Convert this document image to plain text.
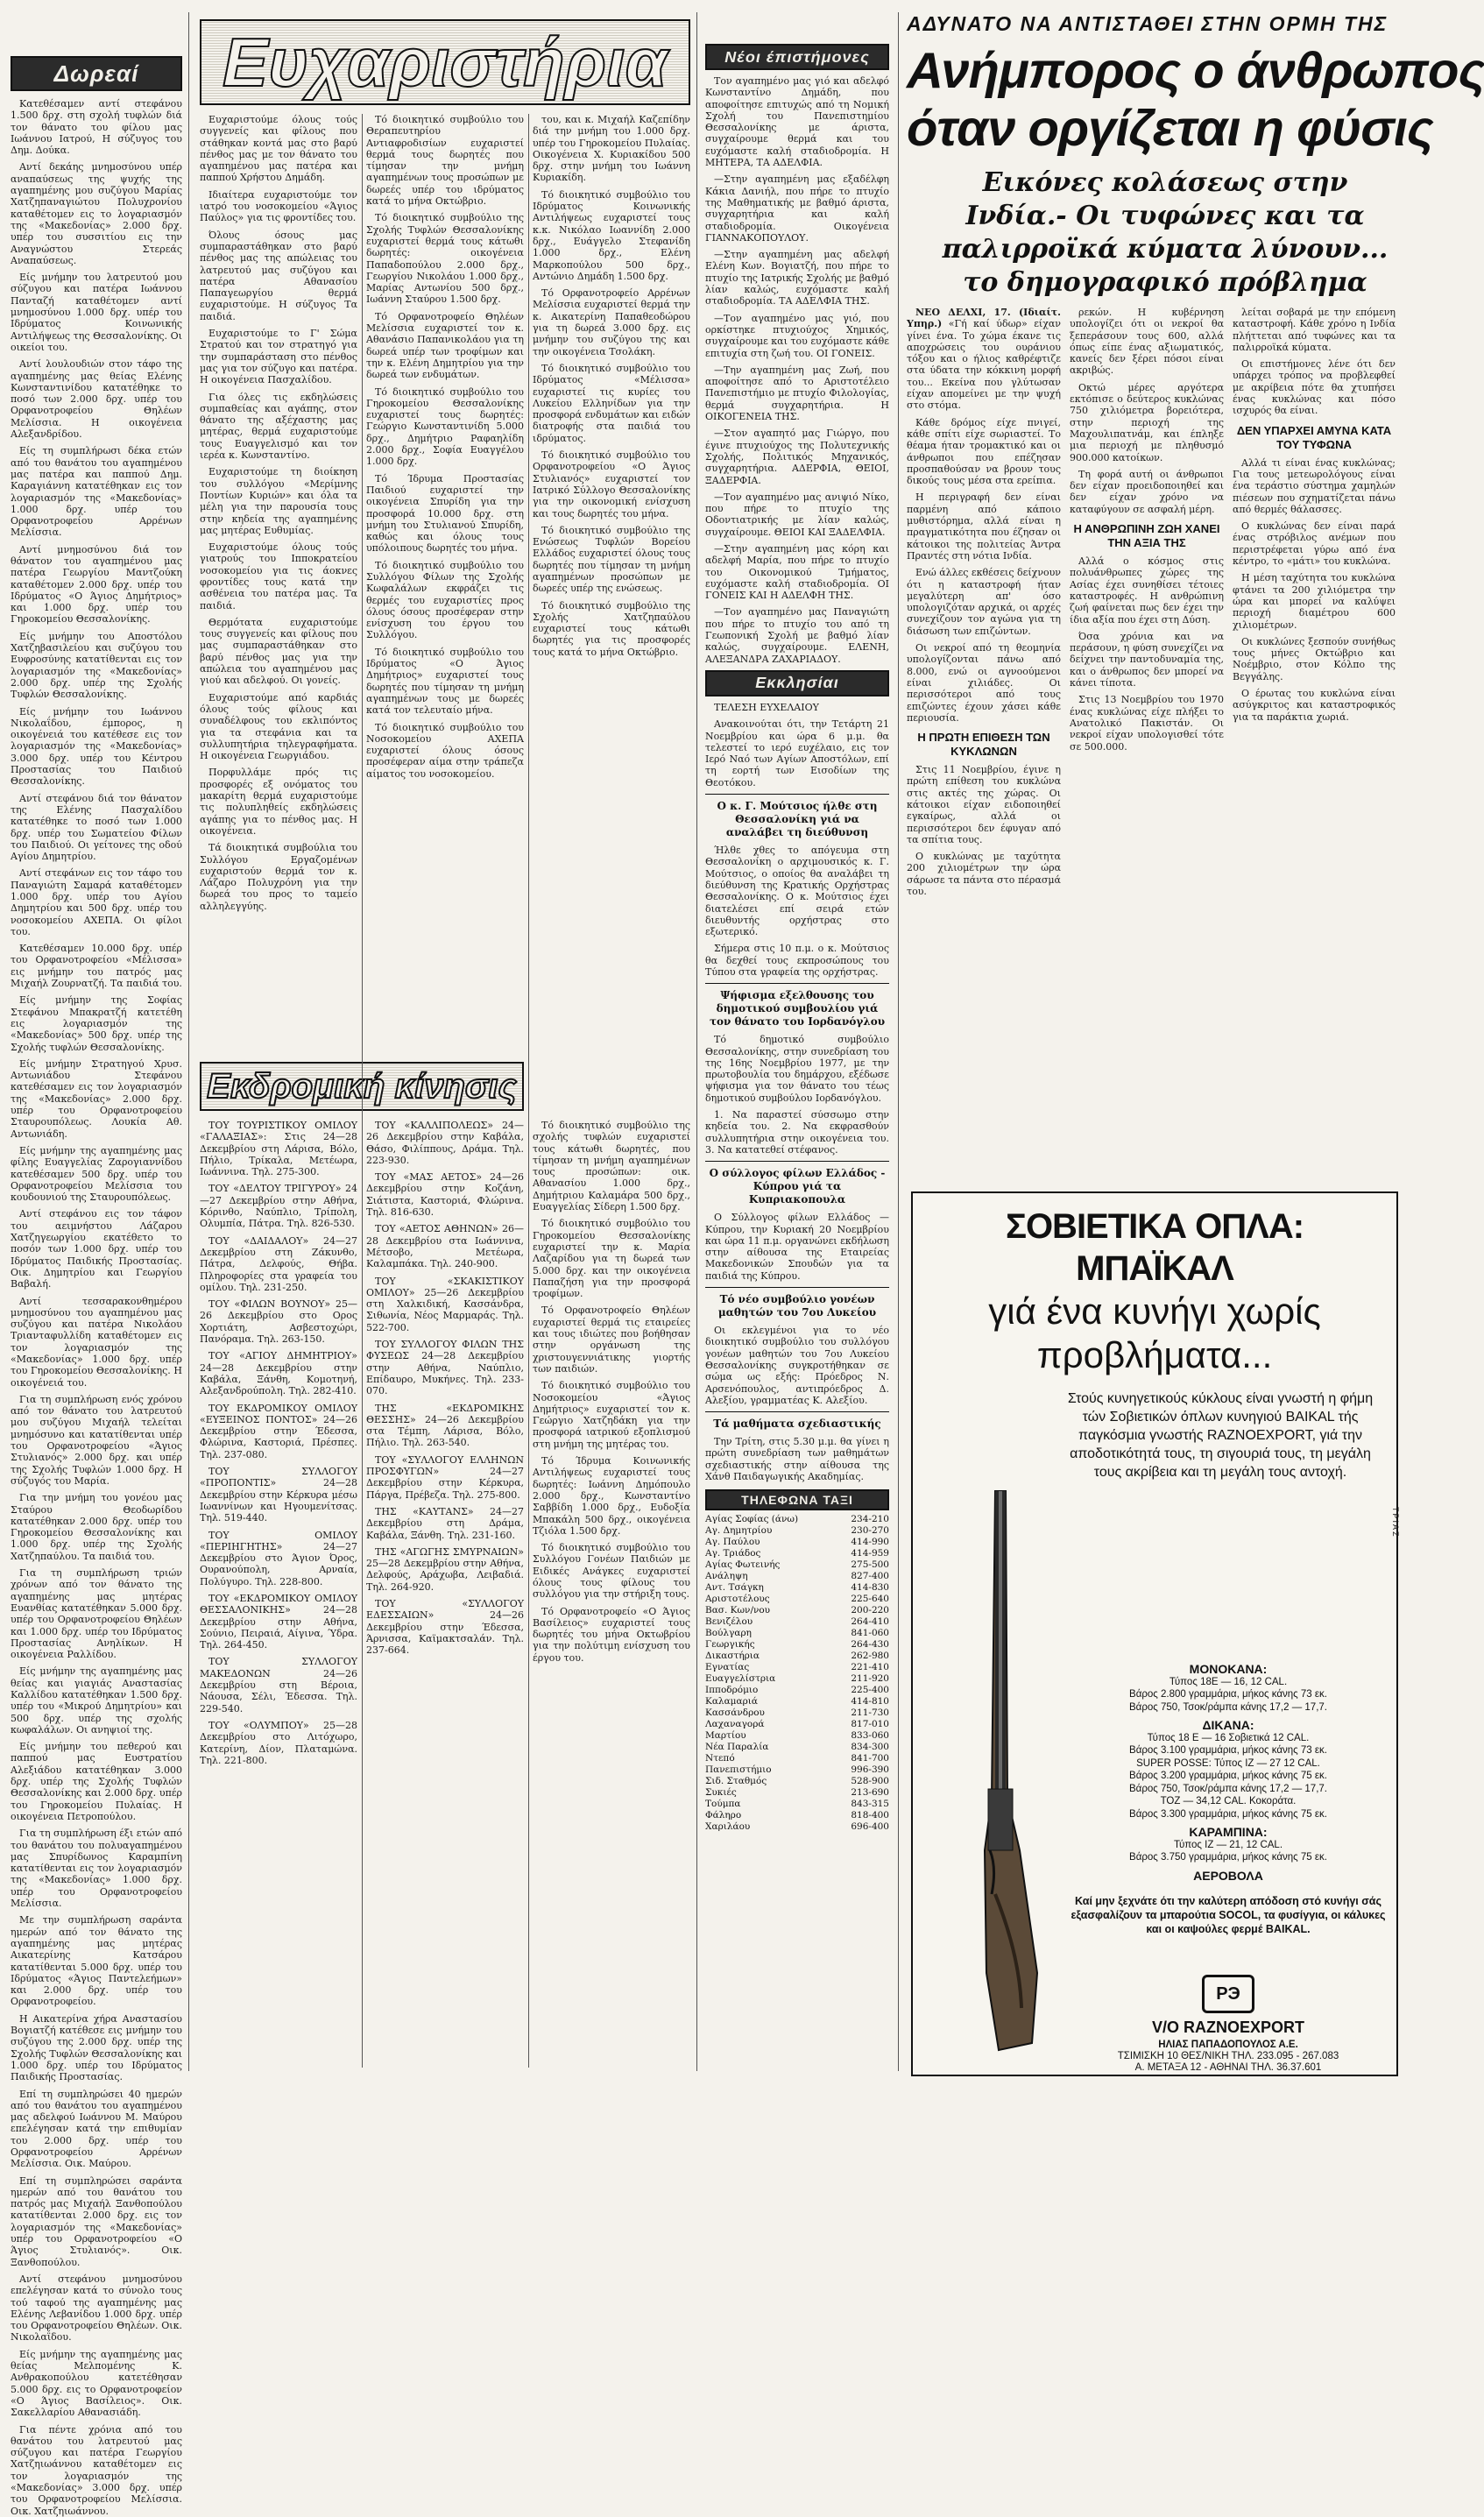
Δωρεαί

Κατεθέσαμεν αντί στεφάνου 1.500 δρχ. στη σχολή τυφλών διά τον θάνατο του φίλου μας Ιωάννου Ιατρού, Η σύζυγος του Δημ. Δούκα.

Αντί δεκάης μνημοσύνου υπέρ αναπαύσεως της ψυχής της αγαπημένης μου συζύγου Μαρίας Χατζηπαναγιώτου Πολυχρονίου καταθέτομεν εις το λογαριασμόν της «Μακεδονίας» 2.000 δρχ. υπέρ του συσσιτίου εις την Αναγνώστου Στερεάς Αναπαύσεως.

Είς μνήμην του λατρευτού μου σύζυγου και πατέρα Ιωάννου Πανταζή καταθέτομεν αντί μνημοσύνου 1.000 δρχ. υπέρ του Ιδρύματος Κοινωνικής Αντιλήψεως της Θεσσαλονίκης. Οι οικείοι του.

Αντί λουλουδιών στον τάφο της αγαπημένης μας θείας Ελένης Κωνσταντινίδου κατατέθηκε το ποσό των 2.000 δρχ. υπέρ του Ορφανοτροφείου Θηλέων Μελίσσια. Η οικογένεια Αλεξανδρίδου.

Είς τη συμπλήρωσι δέκα ετών από του θανάτου του αγαπημένου μας πατέρα και παππού Δημ. Καραγιάννη κατατέθηκαν εις τον λογαριασμόν της «Μακεδονίας» 1.000 δρχ. υπέρ του Ορφανοτροφείου Αρρένων Μελίσσια.

Αντί μνημοσύνου διά τον θάνατον του αγαπημένου μας πατέρα Γεωργίου Μαντζούκη καταθέτομεν 2.000 δρχ. υπέρ του Ιδρύματος «Ο Άγιος Δημήτριος» και 1.000 δρχ. υπέρ του Γηροκομείου Θεσσαλονίκης.

Είς μνήμην του Αποστόλου Χατζηβασιλείου και συζύγου του Ευφροσύνης κατατίθενται εις τον λογαριασμόν της «Μακεδονίας» 2.000 δρχ. υπέρ της Σχολής Τυφλών Θεσσαλονίκης.

Είς μνήμην του Ιωάννου Νικολαΐδου, έμπορος, η οικογένειά του κατέθεσε εις τον λογαριασμόν της «Μακεδονίας» 3.000 δρχ. υπέρ του Κέντρου Προστασίας του Παιδιού Θεσσαλονίκης.

Αντί στεφάνου διά τον θάνατον της Ελένης Πασχαλίδου κατατέθηκε το ποσό των 1.000 δρχ. υπέρ του Σωματείου Φίλων του Παιδιού. Οι γείτονες της οδού Αγίου Δημητρίου.

Αντί στεφάνων εις τον τάφο του Παναγιώτη Σαμαρά καταθέτομεν 1.000 δρχ. υπέρ του Αγίου Δημητρίου και 500 δρχ. υπέρ του νοσοκομείου ΑΧΕΠΑ. Οι φίλοι του.

Κατεθέσαμεν 10.000 δρχ. υπέρ του Ορφανοτροφείου «Μέλισσα» εις μνήμην του πατρός μας Μιχαήλ Ζουρνατζή. Τα παιδιά του.

Είς μνήμην της Σοφίας Στεφάνου Μπακρατζή κατετέθη εις λογαριασμόν της «Μακεδονίας» 500 δρχ. υπέρ της Σχολής τυφλών Θεσσαλονίκης.

Είς μνήμην Στρατηγού Χρυσ. Αντωνιάδου Στεφάνου κατεθέσαμεν εις τον λογαριασμόν της «Μακεδονίας» 2.000 δρχ. υπέρ του Ορφανοτροφείου Σταυρουπόλεως. Λουκία Αθ. Αντωνιάδη.

Είς μνήμην της αγαπημένης μας φίλης Ευαγγελίας Ζαρογιαννίδου κατεθέσαμεν 500 δρχ. υπέρ του Ορφανοτροφείου Μελίσσια του κουδουνιού της Σταυρουπόλεως.

Αντί στεφάνου εις τον τάφον του αειμνήστου Λάζαρου Χατζηγεωργίου εκατέθετο το ποσόν των 1.000 δρχ. υπέρ του Ιδρύματος Παιδικής Προστασίας. Οικ. Δημητρίου και Γεωργίου Βαβαλή.

Αντί τεσσαρακονθημέρου μνημοσύνου του αγαπημένου μας συζύγου και πατέρα Νικολάου Τριανταφυλλίδη καταθέτομεν εις τον λογαριασμόν της «Μακεδονίας» 1.000 δρχ. υπέρ του Γηροκομείου Θεσσαλονίκης. Η οικογένειά του.

Για τη συμπλήρωση ενός χρόνου από τον θάνατο του λατρευτού μου συζύγου Μιχαήλ τελείται μνημόσυνο και κατατίθενται υπέρ του Ορφανοτροφείου «Άγιος Στυλιανός» 2.000 δρχ. και υπέρ της Σχολής Τυφλών 1.000 δρχ. Η σύζυγός του Μαρία.

Για την μνήμη του γονέου μας Σταύρου Θεοδωρίδου κατατέθηκαν 2.000 δρχ. υπέρ του Γηροκομείου Θεσσαλονίκης και 1.000 δρχ. υπέρ της Σχολής Χατζηπαύλου. Τα παιδιά του.

Για τη συμπλήρωση τριών χρόνων από τον θάνατο της αγαπημένης μας μητέρας Ευανθίας κατατέθηκαν 5.000 δρχ. υπέρ του Ορφανοτροφείου Θηλέων και 1.000 δρχ. υπέρ του Ιδρύματος Προστασίας Ανηλίκων. Η οικογένεια Ραλλίδου.

Είς μνήμην της αγαπημένης μας θείας και γιαγιάς Αναστασίας Καλλίδου κατατέθηκαν 1.500 δρχ. υπέρ του «Μικρού Δημητρίου» και 500 δρχ. υπέρ της σχολής κωφαλάλων. Οι ανηψιοί της.

Είς μνήμην του πεθερού και παππού μας Ευστρατίου Αλεξιάδου κατατέθηκαν 3.000 δρχ. υπέρ της Σχολής Τυφλών Θεσσαλονίκης και 2.000 δρχ. υπέρ του Γηροκομείου Πυλαίας. Η οικογένεια Πετροπούλου.

Για τη συμπλήρωση έξι ετών από του θανάτου του πολυαγαπημένου μας Σπυρίδωνος Καραμπίνη κατατίθενται εις τον λογαριασμόν της «Μακεδονίας» 1.000 δρχ. υπέρ του Ορφανοτροφείου Μελίσσια.

Με την συμπλήρωση σαράντα ημερών από τον θάνατο της αγαπημένης μας μητέρας Αικατερίνης Κατσάρου κατατίθενται 5.000 δρχ. υπέρ του Ιδρύματος «Άγιος Παντελεήμων» και 2.000 δρχ. υπέρ του Ορφανοτροφείου.

Η Αικατερίνα χήρα Αναστασίου Βογιατζή κατέθεσε εις μνήμην του συζύγου της 2.000 δρχ. υπέρ της Σχολής Τυφλών Θεσσαλονίκης και 1.000 δρχ. υπέρ του Ιδρύματος Παιδικής Προστασίας.

Επί τη συμπληρώσει 40 ημερών από του θανάτου του αγαπημένου μας αδελφού Ιωάννου Μ. Μαύρου επελέγησαν κατά την επιθυμίαν του 2.000 δρχ. υπέρ του Ορφανοτροφείου Αρρένων Μελίσσια. Οικ. Μαύρου.

Επί τη συμπληρώσει σαράντα ημερών από του θανάτου του πατρός μας Μιχαήλ Ξανθοπούλου κατατίθενται 2.000 δρχ. εις τον λογαριασμόν της «Μακεδονίας» υπέρ του Ορφανοτροφείου «Ο Άγιος Στυλιανός». Οικ. Ξανθοπούλου.

Αντί στεφάνου μνημοσύνου επελέγησαν κατά το σύνολο τους τού ταφού της αγαπημένης μας Ελένης Λεβανίδου 1.000 δρχ. υπέρ του Ορφανοτροφείου Θηλέων. Οικ. Νικολαΐδου.

Είς μνήμην της αγαπημένης μας θείας Μελπομένης Κ. Ανθρακοπούλου κατετέθησαν 5.000 δρχ. εις το Ορφανοτροφείον «Ο Άγιος Βασίλειος». Οικ. Σακελλαρίου Αθανασιάδη.

Για πέντε χρόνια από του θανάτου του λατρευτού μας σύζυγου και πατέρα Γεωργίου Χατζηιωάννου καταθέτομεν εις τον λογαριασμόν της «Μακεδονίας» 3.000 δρχ. υπέρ του Ορφανοτροφείου Μελίσσια. Οικ. Χατζηιωάννου.

Ευχαριστήρια

Ευχαριστούμε όλους τούς συγγενείς και φίλους που στάθηκαν κοντά μας στο βαρύ πένθος μας με τον θάνατο του αγαπημένου μας πατέρα και παππού Χρήστου Δημάδη.

Ιδιαίτερα ευχαριστούμε τον ιατρό του νοσοκομείου «Άγιος Παύλος» για τις φροντίδες του.

Όλους όσους μας συμπαραστάθηκαν στο βαρύ πένθος μας της απώλειας του λατρευτού μας συζύγου και πατέρα Αθανασίου Παπαγεωργίου θερμά ευχαριστούμε. Η σύζυγος Τα παιδιά.

Ευχαριστούμε το Γ' Σώμα Στρατού και τον στρατηγό για την συμπαράσταση στο πένθος μας για τον σύζυγο και πατέρα. Η οικογένεια Πασχαλίδου.

Για όλες τις εκδηλώσεις συμπαθείας και αγάπης, στον θάνατο της αξέχαστης μας μητέρας, θερμά ευχαριστούμε τους Ευαγγελισμό και τον ιερέα κ. Κωνσταντίνο.

Ευχαριστούμε τη διοίκηση του συλλόγου «Μερίμνης Ποντίων Κυριών» και όλα τα μέλη για την παρουσία τους στην κηδεία της αγαπημένης μας μητέρας Ευθυμίας.

Ευχαριστούμε όλους τούς γιατρούς του Ιπποκρατείου νοσοκομείου για τις άοκνες φροντίδες τους κατά την ασθένεια του πατέρα μας. Τα παιδιά.

Θερμότατα ευχαριστούμε τους συγγενείς και φίλους που μας συμπαραστάθηκαν στο βαρύ πένθος μας για την απώλεια του αγαπημένου μας γιού και αδελφού. Οι γονείς.

Ευχαριστούμε από καρδιάς όλους τούς φίλους και συναδέλφους του εκλιπόντος για τα στεφάνια και τα συλλυπητήρια τηλεγραφήματα. Η οικογένεια Γεωργιάδου.

Πορφυλλάμε πρός τις προσφορές εξ ονόματος του μακαρίτη θερμά ευχαριστούμε τις πολυπληθείς εκδηλώσεις αγάπης για το πένθος μας. Η οικογένεια.

Τά διοικητικά συμβούλια του Συλλόγου Εργαζομένων ευχαριστούν θερμά τον κ. Λάζαρο Πολυχρόνη για την δωρεά του προς το ταμείο αλληλεγγύης.

Τό διοικητικό συμβούλιο του Θεραπευτηρίου Αντιαφροδισίων ευχαριστεί θερμά τους δωρητές που τίμησαν την μνήμη αγαπημένων τους προσώπων με δωρεές υπέρ του ιδρύματος κατά το μήνα Οκτώβριο.

Τό διοικητικό συμβούλιο της Σχολής Τυφλών Θεσσαλονίκης ευχαριστεί θερμά τους κάτωθι δωρητές: οικογένεια Παπαδοπούλου 2.000 δρχ., Γεωργίου Νικολάου 1.000 δρχ., Μαρίας Αντωνίου 500 δρχ., Ιωάννη Σταύρου 1.500 δρχ.

Τό Ορφανοτροφείο Θηλέων Μελίσσια ευχαριστεί τον κ. Αθανάσιο Παπανικολάου για τη δωρεά υπέρ των τροφίμων και την κ. Ελένη Δημητρίου για την δωρεά των ενδυμάτων.

Τό διοικητικό συμβούλιο του Γηροκομείου Θεσσαλονίκης ευχαριστεί τους δωρητές: Γεώργιο Κωνσταντινίδη 5.000 δρχ., Δημήτριο Ραφαηλίδη 2.000 δρχ., Σοφία Ευαγγέλου 1.000 δρχ.

Τό Ίδρυμα Προστασίας Παιδιού ευχαριστεί την οικογένεια Σπυρίδη για την προσφορά 10.000 δρχ. στη μνήμη του Στυλιανού Σπυρίδη, καθώς και όλους τους υπόλοιπους δωρητές του μήνα.

Τό διοικητικό συμβούλιο του Συλλόγου Φίλων της Σχολής Κωφαλάλων εκφράζει τις θερμές του ευχαριστίες προς όλους όσους προσέφεραν στην ενίσχυση του έργου του Συλλόγου.

Τό διοικητικό συμβούλιο του Ιδρύματος «Ο Άγιος Δημήτριος» ευχαριστεί τους δωρητές που τίμησαν τη μνήμη αγαπημένων τους με δωρεές κατά τον τελευταίο μήνα.

Τό διοικητικό συμβούλιο του Νοσοκομείου ΑΧΕΠΑ ευχαριστεί όλους όσους προσέφεραν αίμα στην τράπεζα αίματος του νοσοκομείου.

του, και κ. Μιχαήλ Καζεπίδην διά την μνήμη του 1.000 δρχ. υπέρ του Γηροκομείου Πυλαίας. Οικογένεια Χ. Κυριακίδου 500 δρχ. στην μνήμη του Ιωάννη Κυριακίδη.

Τό διοικητικό συμβούλιο του Ιδρύματος Κοινωνικής Αντιλήψεως ευχαριστεί τους κ.κ. Νικόλαο Ιωαννίδη 2.000 δρχ., Ευάγγελο Στεφανίδη 1.000 δρχ., Ελένη Μαρκοπούλου 500 δρχ., Αντώνιο Δημάδη 1.500 δρχ.

Τό Ορφανοτροφείο Αρρένων Μελίσσια ευχαριστεί θερμά την κ. Αικατερίνη Παπαθεοδώρου για τη δωρεά 3.000 δρχ. εις μνήμην του συζύγου της και την οικογένεια Τσολάκη.

Τό διοικητικό συμβούλιο του Ιδρύματος «Μέλισσα» ευχαριστεί τις κυρίες του Λυκείου Ελληνίδων για την προσφορά ενδυμάτων και ειδών διατροφής στα παιδιά του ιδρύματος.

Τό διοικητικό συμβούλιο του Ορφανοτροφείου «Ο Άγιος Στυλιανός» ευχαριστεί τον Ιατρικό Σύλλογο Θεσσαλονίκης για την οικονομική ενίσχυση και τους δωρητές του μήνα.

Τό διοικητικό συμβούλιο της Ενώσεως Τυφλών Βορείου Ελλάδος ευχαριστεί όλους τους δωρητές που τίμησαν τη μνήμη αγαπημένων προσώπων με δωρεές υπέρ της ενώσεως.

Τό διοικητικό συμβούλιο της Σχολής Χατζηπαύλου ευχαριστεί τους κάτωθι δωρητές για τις προσφορές τους κατά το μήνα Οκτώβριο.

Εκδρομική κίνησις

ΤΟΥ ΤΟΥΡΙΣΤΙΚΟΥ ΟΜΙΛΟΥ «ΓΑΛΑΞΙΑΣ»: Στις 24—28 Δεκεμβρίου στη Λάρισα, Βόλο, Πήλιο, Τρίκαλα, Μετέωρα, Ιωάννινα. Τηλ. 275-300.

ΤΟΥ «ΔΕΛΤΟΥ ΤΡΙΓΥΡΟΥ» 24—27 Δεκεμβρίου στην Αθήνα, Κόρινθο, Ναύπλιο, Τρίπολη, Ολυμπία, Πάτρα. Τηλ. 826-530.

ΤΟΥ «ΔΑΙΔΑΛΟΥ» 24—27 Δεκεμβρίου στη Ζάκυνθο, Πάτρα, Δελφούς, Θήβα. Πληροφορίες στα γραφεία του ομίλου. Τηλ. 231-250.

ΤΟΥ «ΦΙΛΩΝ ΒΟΥΝΟΥ» 25—26 Δεκεμβρίου στο Ορος Χορτιάτη, Ασβεστοχώρι, Πανόραμα. Τηλ. 263-150.

ΤΟΥ «ΑΓΙΟΥ ΔΗΜΗΤΡΙΟΥ» 24—28 Δεκεμβρίου στην Καβάλα, Ξάνθη, Κομοτηνή, Αλεξανδρούπολη. Τηλ. 282-410.

ΤΟΥ ΕΚΔΡΟΜΙΚΟΥ ΟΜΙΛΟΥ «ΕΥΞΕΙΝΟΣ ΠΟΝΤΟΣ» 24—26 Δεκεμβρίου στην Έδεσσα, Φλώρινα, Καστοριά, Πρέσπες. Τηλ. 237-080.

ΤΟΥ ΣΥΛΛΟΓΟΥ «ΠΡΟΠΟΝΤΙΣ» 24—28 Δεκεμβρίου στην Κέρκυρα μέσω Ιωαννίνων και Ηγουμενίτσας. Τηλ. 519-440.

ΤΟΥ ΟΜΙΛΟΥ «ΠΕΡΙΗΓΗΤΗΣ» 24—27 Δεκεμβρίου στο Άγιον Όρος, Ουρανούπολη, Αρναία, Πολύγυρο. Τηλ. 228-800.

ΤΟΥ «ΕΚΔΡΟΜΙΚΟΥ ΟΜΙΛΟΥ ΘΕΣΣΑΛΟΝΙΚΗΣ» 24—28 Δεκεμβρίου στην Αθήνα, Σούνιο, Πειραιά, Αίγινα, Ύδρα. Τηλ. 264-450.

ΤΟΥ ΣΥΛΛΟΓΟΥ ΜΑΚΕΔΟΝΩΝ 24—26 Δεκεμβρίου στη Βέροια, Νάουσα, Σέλι, Έδεσσα. Τηλ. 229-540.

ΤΟΥ «ΟΛΥΜΠΟΥ» 25—28 Δεκεμβρίου στο Λιτόχωρο, Κατερίνη, Δίον, Πλαταμώνα. Τηλ. 221-800.

ΤΟΥ «ΚΑΛΛΙΠΟΛΕΩΣ» 24—26 Δεκεμβρίου στην Καβάλα, Θάσο, Φιλίππους, Δράμα. Τηλ. 223-930.

ΤΟΥ «ΜΑΣ ΑΕΤΟΣ» 24—26 Δεκεμβρίου στην Κοζάνη, Σιάτιστα, Καστοριά, Φλώρινα. Τηλ. 816-630.

ΤΟΥ «ΑΕΤΟΣ ΑΘΗΝΩΝ» 26—28 Δεκεμβρίου στα Ιωάννινα, Μέτσοβο, Μετέωρα, Καλαμπάκα. Τηλ. 240-900.

ΤΟΥ «ΣΚΑΚΙΣΤΙΚΟΥ ΟΜΙΛΟΥ» 25—26 Δεκεμβρίου στη Χαλκιδική, Κασσάνδρα, Σιθωνία, Νέος Μαρμαράς. Τηλ. 522-700.

ΤΟΥ ΣΥΛΛΟΓΟΥ ΦΙΛΩΝ ΤΗΣ ΦΥΣΕΩΣ 24—28 Δεκεμβρίου στην Αθήνα, Ναύπλιο, Επίδαυρο, Μυκήνες. Τηλ. 233-070.

ΤΗΣ «ΕΚΔΡΟΜΙΚΗΣ ΘΕΣΣΗΣ» 24—26 Δεκεμβρίου στα Τέμπη, Λάρισα, Βόλο, Πήλιο. Τηλ. 263-540.

ΤΟΥ «ΣΥΛΛΟΓΟΥ ΕΛΛΗΝΩΝ ΠΡΟΣΦΥΓΩΝ» 24—27 Δεκεμβρίου στην Κέρκυρα, Πάργα, Πρέβεζα. Τηλ. 275-800.

ΤΗΣ «ΚΑΥΤΑΝΣ» 24—27 Δεκεμβρίου στη Δράμα, Καβάλα, Ξάνθη. Τηλ. 231-160.

ΤΗΣ «ΑΓΩΓΗΣ ΣΜΥΡΝΑΙΩΝ» 25—28 Δεκεμβρίου στην Αθήνα, Δελφούς, Αράχωβα, Λειβαδιά. Τηλ. 264-920.

ΤΟΥ «ΣΥΛΛΟΓΟΥ ΕΔΕΣΣΑΙΩΝ» 24—26 Δεκεμβρίου στην Έδεσσα, Άρνισσα, Καϊμακτσαλάν. Τηλ. 237-664.

Τό διοικητικό συμβούλιο της σχολής τυφλών ευχαριστεί τους κάτωθι δωρητές, που τίμησαν τη μνήμη αγαπημένων τους προσώπων: οικ. Αθανασίου 1.000 δρχ., Δημήτριου Καλαμάρα 500 δρχ., Ευαγγελίας Σίδερη 1.500 δρχ.

Τό διοικητικό συμβούλιο του Γηροκομείου Θεσσαλονίκης ευχαριστεί την κ. Μαρία Λαζαρίδου για τη δωρεά των 5.000 δρχ. και την οικογένεια Παπαζήση για την προσφορά τροφίμων.

Τό Ορφανοτροφείο Θηλέων ευχαριστεί θερμά τις εταιρείες και τους ιδιώτες που βοήθησαν στην οργάνωση της χριστουγεννιάτικης γιορτής των παιδιών.

Τό διοικητικό συμβούλιο του Νοσοκομείου «Άγιος Δημήτριος» ευχαριστεί τον κ. Γεώργιο Χατζηδάκη για την προσφορά ιατρικού εξοπλισμού στη μνήμη της μητέρας του.

Τό Ίδρυμα Κοινωνικής Αντιλήψεως ευχαριστεί τους δωρητές: Ιωάννη Δημόπουλο 2.000 δρχ., Κωνσταντίνο Σαββίδη 1.000 δρχ., Ευδοξία Μπακάλη 500 δρχ., οικογένεια Τζιόλα 1.500 δρχ.

Τό διοικητικό συμβούλιο του Συλλόγου Γονέων Παιδιών με Ειδικές Ανάγκες ευχαριστεί όλους τους φίλους του συλλόγου για την στήριξη τους.

Τό Ορφανοτροφείο «Ο Άγιος Βασίλειος» ευχαριστεί τους δωρητές του μήνα Οκτωβρίου για την πολύτιμη ενίσχυση του έργου του.

Νέοι έπιστήμονες

Τον αγαπημένο μας γιό και αδελφό Κωνσταντίνο Δημάδη, που αποφοίτησε επιτυχώς από τη Νομική Σχολή του Πανεπιστημίου Θεσσαλονίκης με άριστα, συγχαίρουμε θερμά και του ευχόμαστε καλή σταδιοδρομία. Η ΜΗΤΕΡΑ, ΤΑ ΑΔΕΛΦΙΑ.

—Στην αγαπημένη μας εξαδέλφη Κάκια Δανιήλ, που πήρε το πτυχίο της Μαθηματικής με βαθμό άριστα, συγχαρητήρια και καλή σταδιοδρομία. Οικογένεια ΓΙΑΝΝΑΚΟΠΟΥΛΟΥ.

—Στην αγαπημένη μας αδελφή Ελένη Κων. Βογιατζή, που πήρε το πτυχίο της Ιατρικής Σχολής με βαθμό λίαν καλώς, ευχόμαστε καλή σταδιοδρομία. ΤΑ ΑΔΕΛΦΙΑ ΤΗΣ.

—Τον αγαπημένο μας γιό, που ορκίστηκε πτυχιούχος Χημικός, συγχαίρουμε και του ευχόμαστε κάθε επιτυχία στη ζωή του. ΟΙ ΓΟΝΕΙΣ.

—Την αγαπημένη μας Ζωή, που αποφοίτησε από το Αριστοτέλειο Πανεπιστήμιο με πτυχίο Φιλολογίας, θερμά συγχαρητήρια. Η ΟΙΚΟΓΕΝΕΙΑ ΤΗΣ.

—Στον αγαπητό μας Γιώργο, που έγινε πτυχιούχος της Πολυτεχνικής Σχολής, Πολιτικός Μηχανικός, συγχαρητήρια. ΑΔΕΡΦΙΑ, ΘΕΙΟΙ, ΞΑΔΕΡΦΙΑ.

—Τον αγαπημένο μας ανιψιό Νίκο, που πήρε το πτυχίο της Οδοντιατρικής με λίαν καλώς, συγχαίρουμε. ΘΕΙΟΙ ΚΑΙ ΞΑΔΕΛΦΙΑ.

—Στην αγαπημένη μας κόρη και αδελφή Μαρία, που πήρε το πτυχίο του Οικονομικού Τμήματος, ευχόμαστε καλή σταδιοδρομία. ΟΙ ΓΟΝΕΙΣ ΚΑΙ Η ΑΔΕΛΦΗ ΤΗΣ.

—Τον αγαπημένο μας Παναγιώτη που πήρε το πτυχίο του από τη Γεωπονική Σχολή με βαθμό λίαν καλώς, συγχαίρουμε. ΕΛΕΝΗ, ΑΛΕΞΑΝΔΡΑ ΖΑΧΑΡΙΑΔΟΥ.

Εκκλησίαι

ΤΕΛΕΣΗ ΕΥΧΕΛΑΙΟΥ

Ανακοινούται ότι, την Τετάρτη 21 Νοεμβρίου και ώρα 6 μ.μ. θα τελεστεί το ιερό ευχέλαιο, εις τον Ιερό Ναό των Αγίων Αποστόλων, επί τη εορτή των Εισοδίων της Θεοτόκου.

Ο κ. Γ. Μούτσιος ήλθε στη Θεσσαλονίκη γιά να αναλάβει τη διεύθυνση

Ήλθε χθες το απόγευμα στη Θεσσαλονίκη ο αρχιμουσικός κ. Γ. Μούτσιος, ο οποίος θα αναλάβει τη διεύθυνση της Κρατικής Ορχήστρας Θεσσαλονίκης. Ο κ. Μούτσιος έχει διατελέσει επί σειρά ετών διευθυντής ορχήστρας στο εξωτερικό.

Σήμερα στις 10 π.μ. ο κ. Μούτσιος θα δεχθεί τους εκπροσώπους του Τύπου στα γραφεία της ορχήστρας.

Ψήφισμα εξελθουσης του δημοτικού συμβουλίου γιά τον θάνατο του Ιορδανόγλου

Τό δημοτικό συμβούλιο Θεσσαλονίκης, στην συνεδρίαση του της 16ης Νοεμβρίου 1977, με την πρωτοβουλία του δημάρχου, εξέδωσε ψήφισμα για τον θάνατο του τέως δημοτικού συμβούλου Ιορδανόγλου.

1. Να παραστεί σύσσωμο στην κηδεία του. 2. Να εκφρασθούν συλλυπητήρια στην οικογένεια του. 3. Να κατατεθεί στέφανος.

Ο σύλλογος φίλων Ελλάδος - Κύπρου γιά τα Κυπριακοπουλα

Ο Σύλλογος φίλων Ελλάδος — Κύπρου, την Κυριακή 20 Νοεμβρίου και ώρα 11 π.μ. οργανώνει εκδήλωση στην αίθουσα της Εταιρείας Μακεδονικών Σπουδών για τα παιδιά της Κύπρου.

Τό νέο συμβούλιο γονέων μαθητών του 7ου Λυκείου

Οι εκλεγμένοι για το νέο διοικητικό συμβούλιο του συλλόγου γονέων μαθητών του 7ου Λυκείου Θεσσαλονίκης συγκροτήθηκαν σε σώμα ως εξής: Πρόεδρος Ν. Αρσενόπουλος, αντιπρόεδρος Δ. Αλεξίου, γραμματέας Κ. Αλεξίου.

Τά μαθήματα σχεδιαστικής

Την Τρίτη, στις 5.30 μ.μ. θα γίνει η πρώτη συνεδρίαση των μαθημάτων σχεδιαστικής στην αίθουσα της Χάνθ Παιδαγωγικής Ακαδημίας.

ΤΗΛΕΦΩΝΑ ΤΑΞΙ
Αγίας Σοφίας (άνω)	234-210
Αγ. Δημητρίου	230-270
Αγ. Παύλου	414-990
Αγ. Τριάδος	414-959
Αγίας Φωτεινής	275-500
Ανάληψη	827-400
Αντ. Τσάγκη	414-830
Αριστοτέλους	225-640
Βασ. Κων/νου	200-220
Βενιζέλου	264-410
Βούλγαρη	841-060
Γεωργικής	264-430
Δικαστήρια	262-980
Εγνατίας	221-410
Ευαγγελίστρια	211-920
Ιπποδρόμιο	225-400
Καλαμαριά	414-810
Κασσάνδρου	211-730
Λαχαναγορά	817-010
Μαρτίου	833-060
Νέα Παραλία	834-300
Ντεπό	841-700
Πανεπιστήμιο	996-390
Σιδ. Σταθμός	528-900
Συκιές	213-690
Τούμπα	843-315
Φάληρο	818-400
Χαριλάου	696-400
ΑΔΥΝΑΤΟ ΝΑ ΑΝΤΙΣΤΑΘΕΙ ΣΤΗΝ ΟΡΜΗ ΤΗΣ
Ανήμπορος ο άνθρωπος
όταν οργίζεται η φύσις
Εικόνες κολάσεως στην Ινδία.- Οι τυφώνες και τα παλιρροϊκά κύματα λύνουν... το δημογραφικό πρόβλημα

ΝΕΟ ΔΕΛΧΙ, 17. (Ιδιαίτ. Υπηρ.) «Γή καί ύδωρ» είχαν γίνει ένα. Το χώμα έκανε τις αποχρώσεις του ουράνιου τόξου και ο ήλιος καθρέφτιζε στα ύδατα την κόκκινη μορφή του... Εκείνα που γλύτωσαν είχαν απομείνει με την ψυχή στο στόμα.

Κάθε δρόμος είχε πνιγεί, κάθε σπίτι είχε σωριαστεί. Το θέαμα ήταν τρομακτικό και οι άνθρωποι που επέζησαν προσπαθούσαν να βρουν τους δικούς τους μέσα στα ερείπια.

Η περιγραφή δεν είναι παρμένη από κάποιο μυθιστόρημα, αλλά είναι η πραγματικότητα που έζησαν οι κάτοικοι της πολιτείας Άντρα Πραντές στη νότια Ινδία.

Ενώ άλλες εκθέσεις δείχνουν ότι η καταστροφή ήταν μεγαλύτερη απ' όσο υπολογιζόταν αρχικά, οι αρχές συνεχίζουν τον αγώνα για τη διάσωση των επιζώντων.

Οι νεκροί από τη θεομηνία υπολογίζονται πάνω από 8.000, ενώ οι αγνοούμενοι είναι χιλιάδες. Οι περισσότεροι από τους επιζώντες έχουν χάσει κάθε περιουσία.

Η ΠΡΩΤΗ ΕΠΙΘΕΣΗ ΤΩΝ ΚΥΚΛΩΝΩΝ

Στις 11 Νοεμβρίου, έγινε η πρώτη επίθεση του κυκλώνα στις ακτές της χώρας. Οι κάτοικοι είχαν ειδοποιηθεί εγκαίρως, αλλά οι περισσότεροι δεν έφυγαν από τα σπίτια τους.

Ο κυκλώνας με ταχύτητα 200 χιλιομέτρων την ώρα σάρωσε τα πάντα στο πέρασμά του.

ρεκών. Η κυβέρνηση υπολογίζει ότι οι νεκροί θα ξεπεράσουν τους 600, αλλά όπως είπε ένας αξιωματικός, κανείς δεν ξέρει πόσοι είναι ακριβώς.

Οκτώ μέρες αργότερα εκτόπισε ο δεύτερος κυκλώνας 750 χιλιόμετρα βορειότερα, στην περιοχή της Μαχουλιπατνάμ, και έπληξε μια περιοχή με πληθυσμό 900.000 κατοίκων.

Τη φορά αυτή οι άνθρωποι δεν είχαν προειδοποιηθεί και δεν είχαν χρόνο να καταφύγουν σε ασφαλή μέρη.

Η ΑΝΘΡΩΠΙΝΗ ΖΩΗ ΧΑΝΕΙ ΤΗΝ ΑΞΙΑ ΤΗΣ

Αλλά ο κόσμος στις πολυάνθρωπες χώρες της Ασίας έχει συνηθίσει τέτοιες καταστροφές. Η ανθρώπινη ζωή φαίνεται πως δεν έχει την ίδια αξία που έχει στη Δύση.

Όσα χρόνια και να περάσουν, η φύση συνεχίζει να δείχνει την παντοδυναμία της, και ο άνθρωπος δεν μπορεί να κάνει τίποτα.

Στις 13 Νοεμβρίου του 1970 ένας κυκλώνας είχε πλήξει το Ανατολικό Πακιστάν. Οι νεκροί είχαν υπολογισθεί τότε σε 500.000.

λείται σοβαρά με την επόμενη καταστροφή. Κάθε χρόνο η Ινδία πλήττεται από τυφώνες και τα παλιρροϊκά κύματα.

Οι επιστήμονες λένε ότι δεν υπάρχει τρόπος να προβλεφθεί με ακρίβεια πότε θα χτυπήσει ένας κυκλώνας και πόσο ισχυρός θα είναι.

ΔΕΝ ΥΠΑΡΧΕΙ ΑΜΥΝΑ ΚΑΤΑ ΤΟΥ ΤΥΦΩΝΑ

Αλλά τι είναι ένας κυκλώνας; Για τους μετεωρολόγους είναι ένα τεράστιο σύστημα χαμηλών πιέσεων που σχηματίζεται πάνω από θερμές θάλασσες.

Ο κυκλώνας δεν είναι παρά ένας στρόβιλος ανέμων που περιστρέφεται γύρω από ένα κέντρο, το «μάτι» του κυκλώνα.

Η μέση ταχύτητα του κυκλώνα φτάνει τα 200 χιλιόμετρα την ώρα και μπορεί να καλύψει περιοχή διαμέτρου 600 χιλιομέτρων.

Οι κυκλώνες ξεσπούν συνήθως τους μήνες Οκτώβριο και Νοέμβριο, στον Κόλπο της Βεγγάλης.

Ο έρωτας του κυκλώνα είναι ασύγκριτος και καταστροφικός για τα παράκτια χωριά.

ΣΟΒΙΕΤΙΚΑ ΟΠΛΑ: ΜΠΑΪΚΑΛ
γιά ένα κυνήγι χωρίς προβλήματα...
Στούς κυνηγετικούς κύκλους είναι γνωστή η φήμη τών Σοβιετικών όπλων κυνηγιού BAIKAL τής παγκόσμια γνωστής RAZNOEXPORT, γιά την αποδοτικότητά τους, τη σιγουριά τους, τη μεγάλη τους ακρίβεια και τη μεγάλη τους αντοχή.
ΜΟΝΟΚΑΝΑ:
Τύπος 18Ε — 16, 12 CAL.
Βάρος 2.800 γραμμάρια, μήκος κάνης 73 εκ.
Βάρος 750, Τσοκ/ράμπα κάνης 17,2 — 17,7.
ΔΙΚΑΝΑ:
Τύπος 18 Ε — 16 Σοβιετικά 12 CAL.
Βάρος 3.100 γραμμάρια, μήκος κάνης 73 εκ.
SUPER POSSE: Τύπος IZ — 27 12 CAL.
Βάρος 3.200 γραμμάρια, μήκος κάνης 75 εκ.
Βάρος 750, Τσοκ/ράμπα κάνης 17,2 — 17,7.
ΤΟΖ — 34,12 CAL. Κοκοράτα.
Βάρος 3.300 γραμμάρια, μήκος κάνης 75 εκ.
ΚΑΡΑΜΠΙΝΑ:
Τύπος IZ — 21, 12 CAL.
Βάρος 3.750 γραμμάρια, μήκος κάνης 75 εκ.
ΑΕΡΟΒΟΛΑ
Καί μην ξεχνάτε ότι την καλύτερη απόδοση στό κυνήγι σάς εξασφαλίζουν τα μπαρούτια SOCOL, τα φυσίγγια, οι κάλυκες και οι καψούλες φερμέ BAIKAL.
РЭ
V/O RAZNOEXPORT
ΗΛΙΑΣ ΠΑΠΑΔΟΠΟΥΛΟΣ Α.Ε.
ΤΣΙΜΙΣΚΗ 10 ΘΕΣ/ΝΙΚΗ ΤΗΛ. 233.095 - 267.083
Α. ΜΕΤΑΞΑ 12 - ΑΘΗΝΑΙ ΤΗΛ. 36.37.601
ΤΡΙΑΣ
